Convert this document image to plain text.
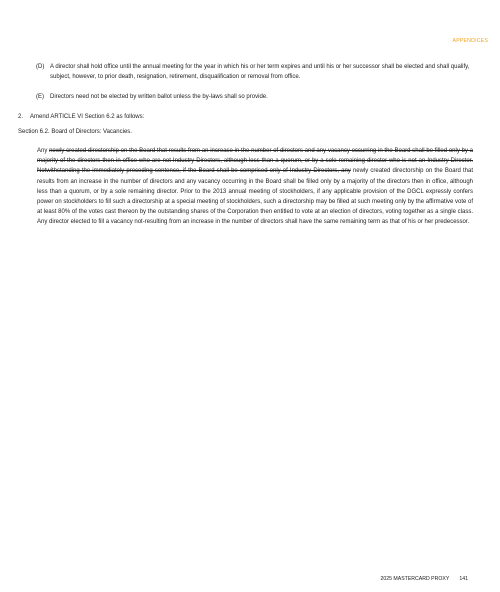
APPENDICES
(D) A director shall hold office until the annual meeting for the year in which his or her term expires and until his or her successor shall be elected and shall qualify, subject, however, to prior death, resignation, retirement, disqualification or removal from office.
(E) Directors need not be elected by written ballot unless the by-laws shall so provide.
2. Amend ARTICLE VI Section 6.2 as follows:
Section 6.2. Board of Directors: Vacancies.
Any newly created directorship on the Board that results from an increase in the number of directors and any vacancy occurring in the Board shall be filled only by a majority of the directors then in office who are not Industry Directors, although less than a quorum, or by a sole remaining director who is not an Industry Director. Notwithstanding the immediately preceding sentence, if the Board shall be comprised only of Industry Directors, any newly created directorship on the Board that results from an increase in the number of directors and any vacancy occurring in the Board shall be filled only by a majority of the directors then in office, although less than a quorum, or by a sole remaining director. Prior to the 2013 annual meeting of stockholders, if any applicable provision of the DGCL expressly confers power on stockholders to fill such a directorship at a special meeting of stockholders, such a directorship may be filled at such meeting only by the affirmative vote of at least 80% of the votes cast thereon by the outstanding shares of the Corporation then entitled to vote at an election of directors, voting together as a single class. Any director elected to fill a vacancy not-resulting from an increase in the number of directors shall have the same remaining term as that of his or her predecessor.
2025 MASTERCARD PROXY 141
